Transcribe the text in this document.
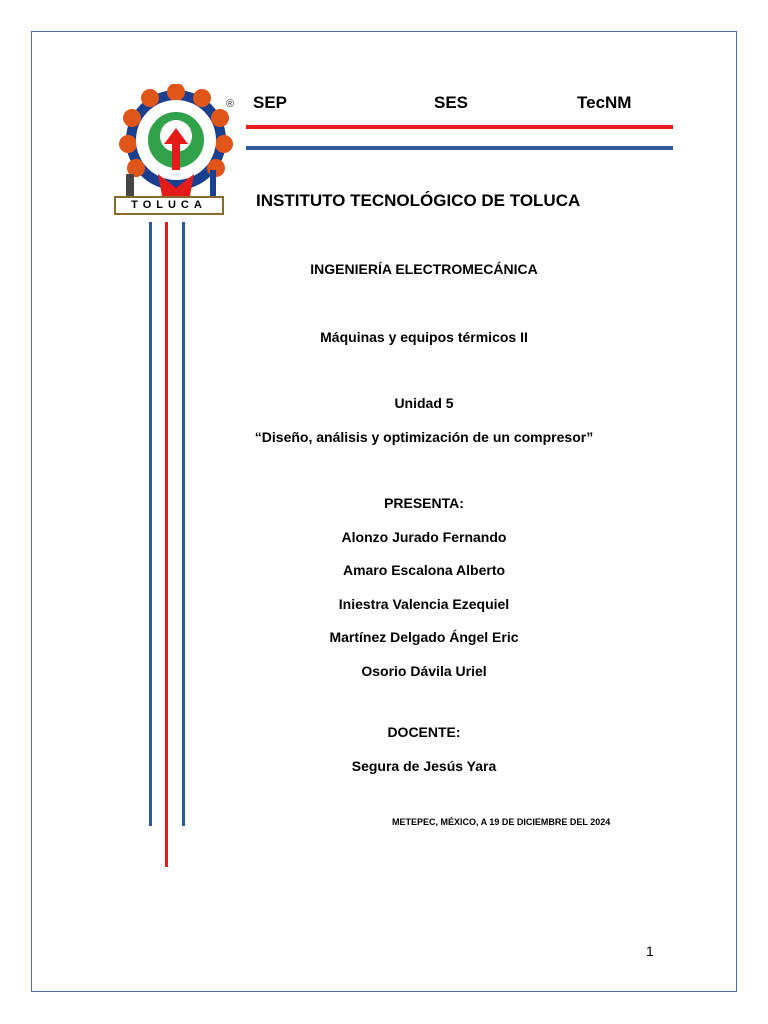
®
TOLUCA
SEP	SES	TecNM
INSTITUTO TECNOLÓGICO DE TOLUCA
INGENIERÍA ELECTROMECÁNICA
Máquinas y equipos térmicos II
Unidad 5
“Diseño, análisis y optimización de un compresor”
PRESENTA:
Alonzo Jurado Fernando
Amaro Escalona Alberto
Iniestra Valencia Ezequiel
Martínez Delgado Ángel Eric
Osorio Dávila Uriel
DOCENTE:
Segura de Jesús Yara
METEPEC, MÉXICO, A 19 DE DICIEMBRE DEL 2024
1
